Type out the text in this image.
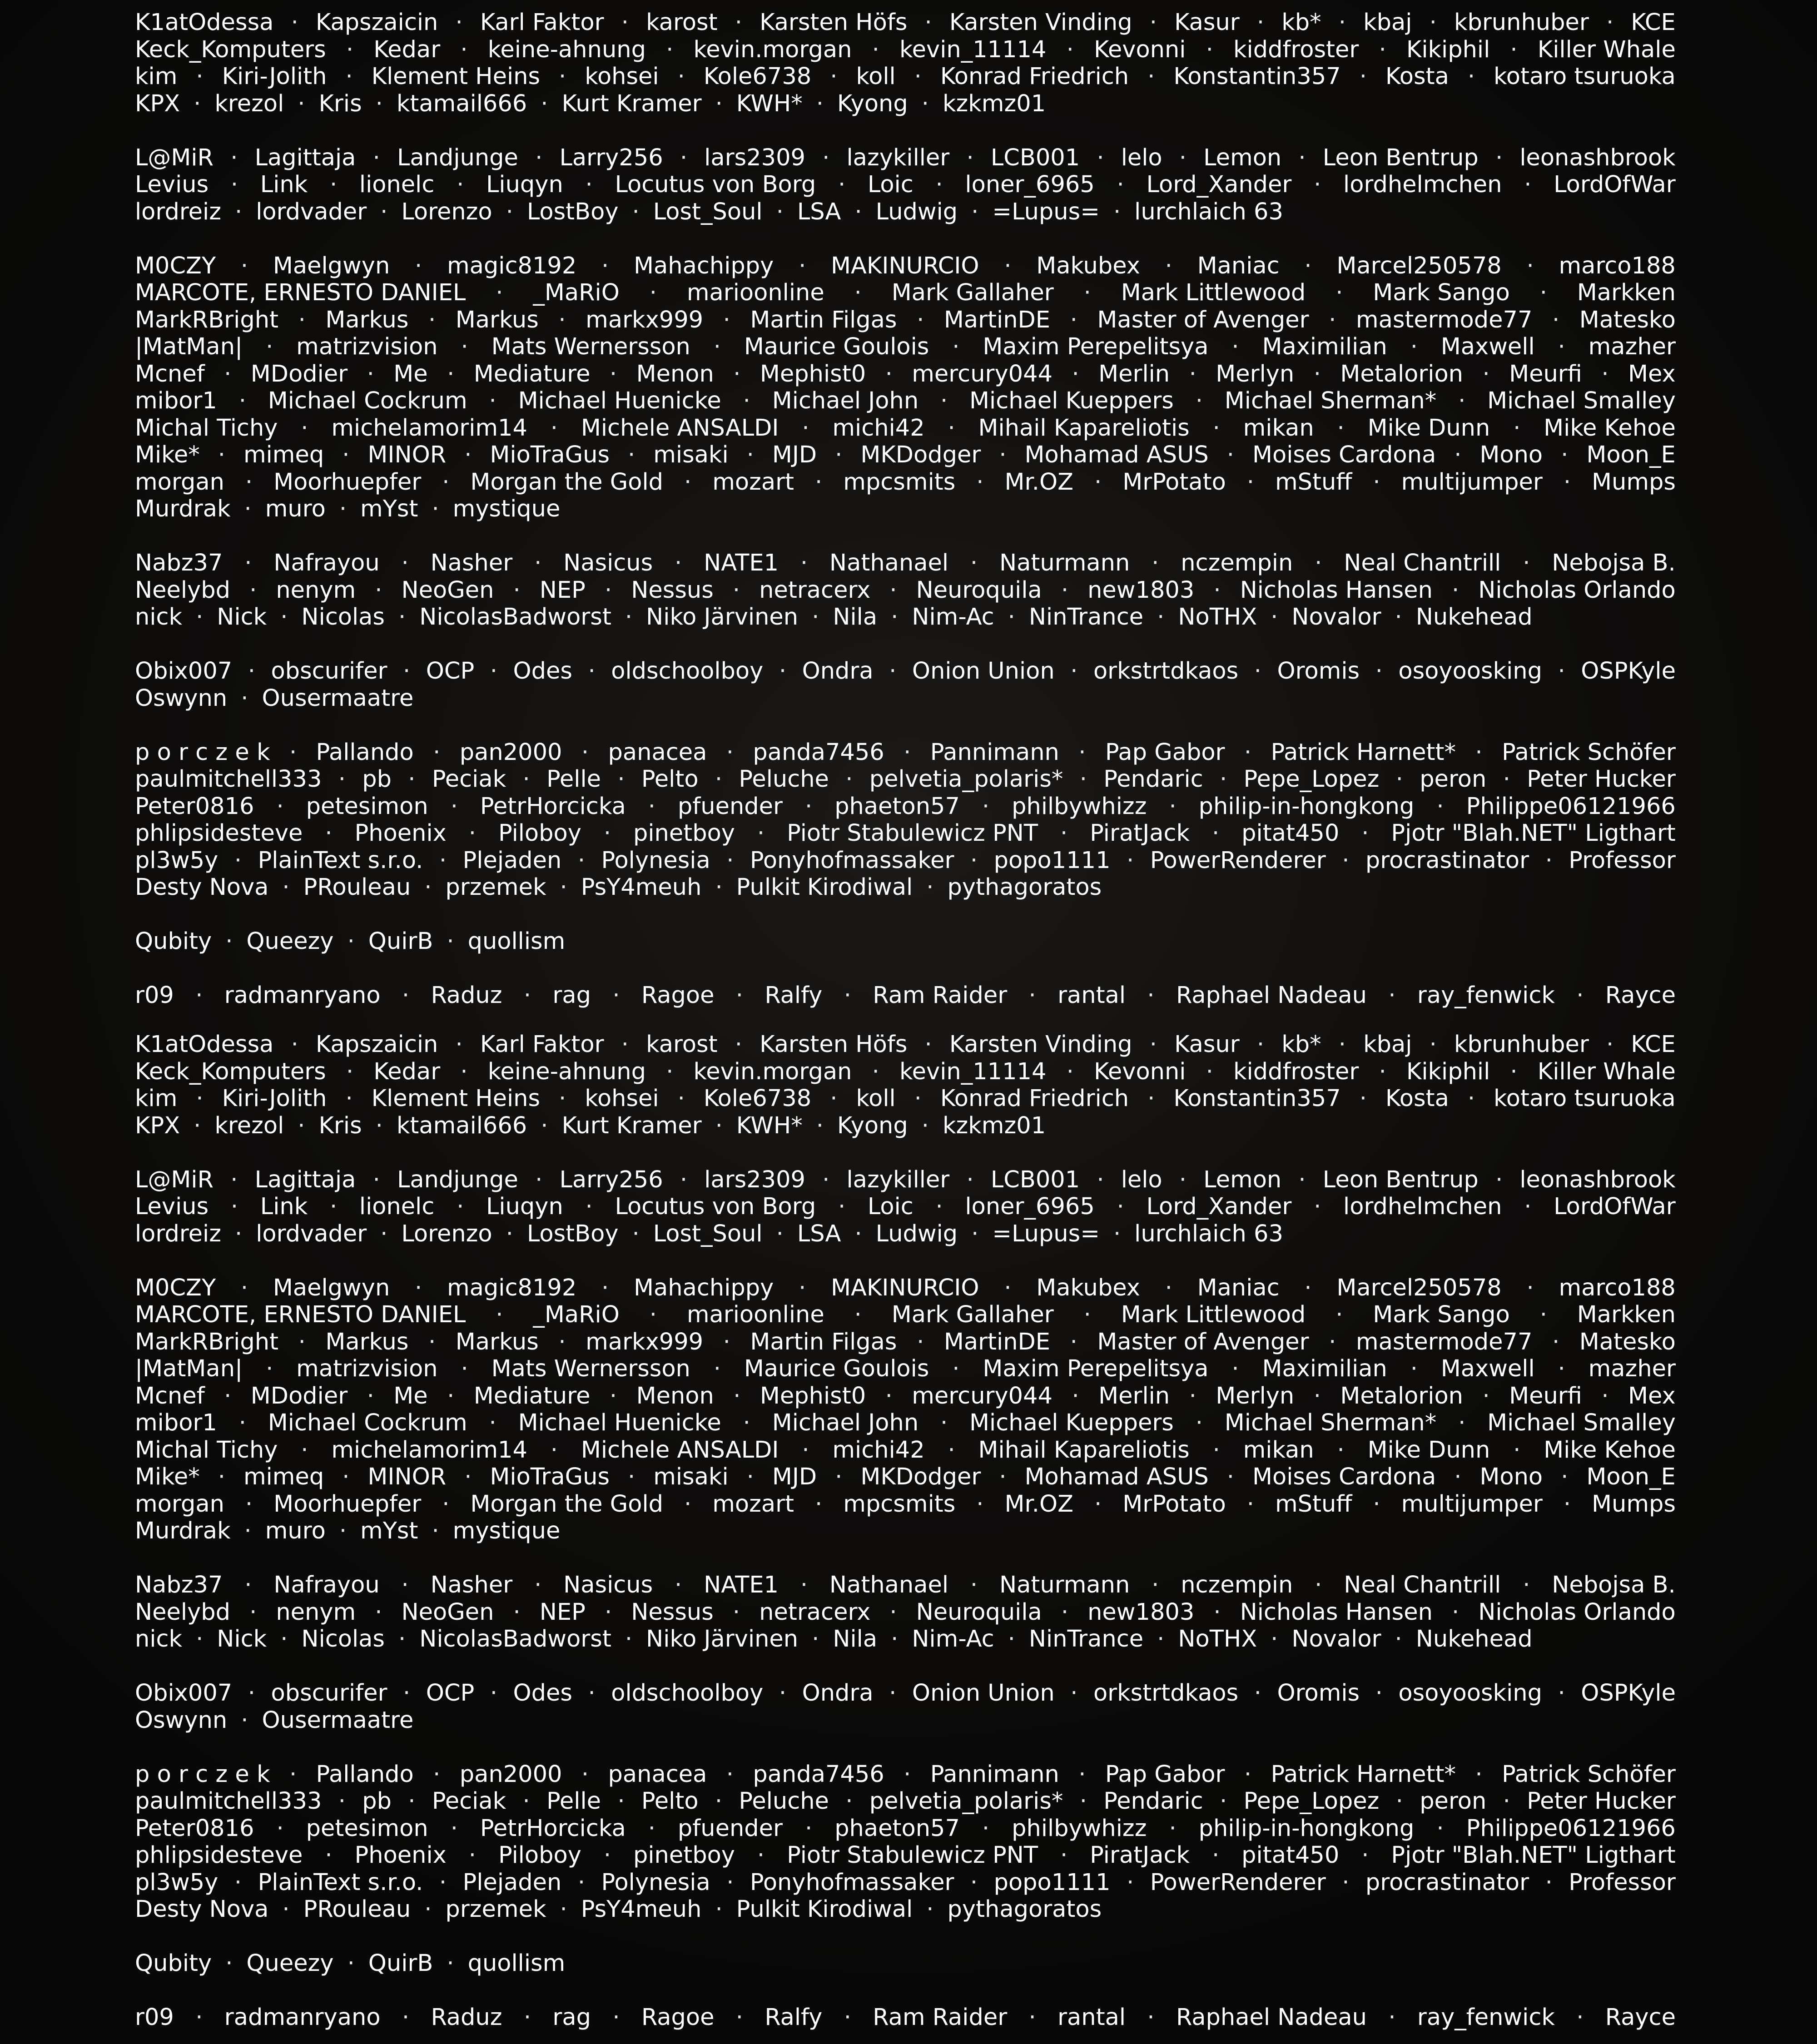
K1atOdessa · Kapszaicin · Karl Faktor · karost · Karsten Höfs · Karsten Vinding · Kasur · kb* · kbaj · kbrunhuber · KCE
Keck_Komputers · Kedar · keine-ahnung · kevin.morgan · kevin_11114 · Kevonni · kiddfroster · Kikiphil · Killer Whale
kim · Kiri-Jolith · Klement Heins · kohsei · Kole6738 · koll · Konrad Friedrich · Konstantin357 · Kosta · kotaro tsuruoka
KPX · krezol · Kris · ktamail666 · Kurt Kramer · KWH* · Kyong · kzkmz01
L@MiR · Lagittaja · Landjunge · Larry256 · lars2309 · lazykiller · LCB001 · lelo · Lemon · Leon Bentrup · leonashbrook
Levius · Link · lionelc · Liuqyn · Locutus von Borg · Loic · loner_6965 · Lord_Xander · lordhelmchen · LordOfWar
lordreiz · lordvader · Lorenzo · LostBoy · Lost_Soul · LSA · Ludwig · =Lupus= · lurchlaich 63
M0CZY · Maelgwyn · magic8192 · Mahachippy · MAKINURCIO · Makubex · Maniac · Marcel250578 · marco188
MARCOTE, ERNESTO DANIEL · _MaRiO · marioonline · Mark Gallaher · Mark Littlewood · Mark Sango · Markken
MarkRBright · Markus · Markus · markx999 · Martin Filgas · MartinDE · Master of Avenger · mastermode77 · Matesko
|MatMan| · matrizvision · Mats Wernersson · Maurice Goulois · Maxim Perepelitsya · Maximilian · Maxwell · mazher
Mcnef · MDodier · Me · Mediature · Menon · Mephist0 · mercury044 · Merlin · Merlyn · Metalorion · Meurfi · Mex
mibor1 · Michael Cockrum · Michael Huenicke · Michael John · Michael Kueppers · Michael Sherman* · Michael Smalley
Michal Tichy · michelamorim14 · Michele ANSALDI · michi42 · Mihail Kapareliotis · mikan · Mike Dunn · Mike Kehoe
Mike* · mimeq · MINOR · MioTraGus · misaki · MJD · MKDodger · Mohamad ASUS · Moises Cardona · Mono · Moon_E
morgan · Moorhuepfer · Morgan the Gold · mozart · mpcsmits · Mr.OZ · MrPotato · mStuff · multijumper · Mumps
Murdrak · muro · mYst · mystique
Nabz37 · Nafrayou · Nasher · Nasicus · NATE1 · Nathanael · Naturmann · nczempin · Neal Chantrill · Nebojsa B.
Neelybd · nenym · NeoGen · NEP · Nessus · netracerx · Neuroquila · new1803 · Nicholas Hansen · Nicholas Orlando
nick · Nick · Nicolas · NicolasBadworst · Niko Järvinen · Nila · Nim-Ac · NinTrance · NoTHX · Novalor · Nukehead
Obix007 · obscurifer · OCP · Odes · oldschoolboy · Ondra · Onion Union · orkstrtdkaos · Oromis · osoyoosking · OSPKyle
Oswynn · Ousermaatre
p o r c z e k · Pallando · pan2000 · panacea · panda7456 · Pannimann · Pap Gabor · Patrick Harnett* · Patrick Schöfer
paulmitchell333 · pb · Peciak · Pelle · Pelto · Peluche · pelvetia_polaris* · Pendaric · Pepe_Lopez · peron · Peter Hucker
Peter0816 · petesimon · PetrHorcicka · pfuender · phaeton57 · philbywhizz · philip-in-hongkong · Philippe06121966
phlipsidesteve · Phoenix · Piloboy · pinetboy · Piotr Stabulewicz PNT · PiratJack · pitat450 · Pjotr "Blah.NET" Ligthart
pl3w5y · PlainText s.r.o. · Plejaden · Polynesia · Ponyhofmassaker · popo1111 · PowerRenderer · procrastinator · Professor
Desty Nova · PRouleau · przemek · PsY4meuh · Pulkit Kirodiwal · pythagoratos
Qubity · Queezy · QuirB · quollism
r09 · radmanryano · Raduz · rag · Ragoe · Ralfy · Ram Raider · rantal · Raphael Nadeau · ray_fenwick · Rayce
K1atOdessa · Kapszaicin · Karl Faktor · karost · Karsten Höfs · Karsten Vinding · Kasur · kb* · kbaj · kbrunhuber · KCE
Keck_Komputers · Kedar · keine-ahnung · kevin.morgan · kevin_11114 · Kevonni · kiddfroster · Kikiphil · Killer Whale
kim · Kiri-Jolith · Klement Heins · kohsei · Kole6738 · koll · Konrad Friedrich · Konstantin357 · Kosta · kotaro tsuruoka
KPX · krezol · Kris · ktamail666 · Kurt Kramer · KWH* · Kyong · kzkmz01
L@MiR · Lagittaja · Landjunge · Larry256 · lars2309 · lazykiller · LCB001 · lelo · Lemon · Leon Bentrup · leonashbrook
Levius · Link · lionelc · Liuqyn · Locutus von Borg · Loic · loner_6965 · Lord_Xander · lordhelmchen · LordOfWar
lordreiz · lordvader · Lorenzo · LostBoy · Lost_Soul · LSA · Ludwig · =Lupus= · lurchlaich 63
M0CZY · Maelgwyn · magic8192 · Mahachippy · MAKINURCIO · Makubex · Maniac · Marcel250578 · marco188
MARCOTE, ERNESTO DANIEL · _MaRiO · marioonline · Mark Gallaher · Mark Littlewood · Mark Sango · Markken
MarkRBright · Markus · Markus · markx999 · Martin Filgas · MartinDE · Master of Avenger · mastermode77 · Matesko
|MatMan| · matrizvision · Mats Wernersson · Maurice Goulois · Maxim Perepelitsya · Maximilian · Maxwell · mazher
Mcnef · MDodier · Me · Mediature · Menon · Mephist0 · mercury044 · Merlin · Merlyn · Metalorion · Meurfi · Mex
mibor1 · Michael Cockrum · Michael Huenicke · Michael John · Michael Kueppers · Michael Sherman* · Michael Smalley
Michal Tichy · michelamorim14 · Michele ANSALDI · michi42 · Mihail Kapareliotis · mikan · Mike Dunn · Mike Kehoe
Mike* · mimeq · MINOR · MioTraGus · misaki · MJD · MKDodger · Mohamad ASUS · Moises Cardona · Mono · Moon_E
morgan · Moorhuepfer · Morgan the Gold · mozart · mpcsmits · Mr.OZ · MrPotato · mStuff · multijumper · Mumps
Murdrak · muro · mYst · mystique
Nabz37 · Nafrayou · Nasher · Nasicus · NATE1 · Nathanael · Naturmann · nczempin · Neal Chantrill · Nebojsa B.
Neelybd · nenym · NeoGen · NEP · Nessus · netracerx · Neuroquila · new1803 · Nicholas Hansen · Nicholas Orlando
nick · Nick · Nicolas · NicolasBadworst · Niko Järvinen · Nila · Nim-Ac · NinTrance · NoTHX · Novalor · Nukehead
Obix007 · obscurifer · OCP · Odes · oldschoolboy · Ondra · Onion Union · orkstrtdkaos · Oromis · osoyoosking · OSPKyle
Oswynn · Ousermaatre
p o r c z e k · Pallando · pan2000 · panacea · panda7456 · Pannimann · Pap Gabor · Patrick Harnett* · Patrick Schöfer
paulmitchell333 · pb · Peciak · Pelle · Pelto · Peluche · pelvetia_polaris* · Pendaric · Pepe_Lopez · peron · Peter Hucker
Peter0816 · petesimon · PetrHorcicka · pfuender · phaeton57 · philbywhizz · philip-in-hongkong · Philippe06121966
phlipsidesteve · Phoenix · Piloboy · pinetboy · Piotr Stabulewicz PNT · PiratJack · pitat450 · Pjotr "Blah.NET" Ligthart
pl3w5y · PlainText s.r.o. · Plejaden · Polynesia · Ponyhofmassaker · popo1111 · PowerRenderer · procrastinator · Professor
Desty Nova · PRouleau · przemek · PsY4meuh · Pulkit Kirodiwal · pythagoratos
Qubity · Queezy · QuirB · quollism
r09 · radmanryano · Raduz · rag · Ragoe · Ralfy · Ram Raider · rantal · Raphael Nadeau · ray_fenwick · Rayce
